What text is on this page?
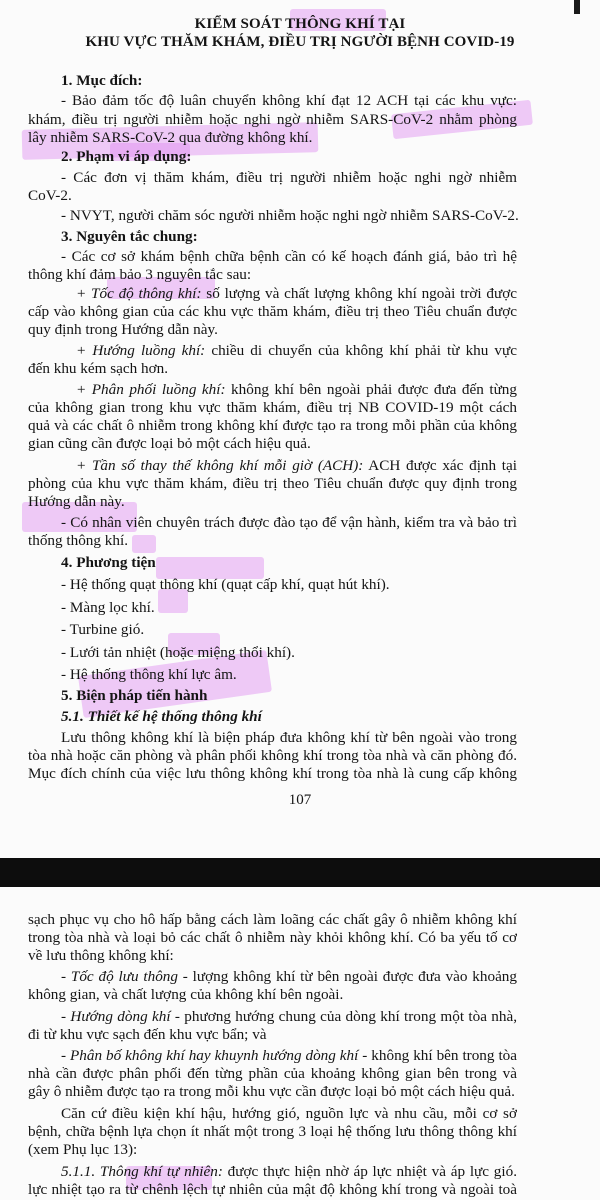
KIỂM SOÁT THÔNG KHÍ TẠI
KHU VỰC THĂM KHÁM, ĐIỀU TRỊ NGƯỜI BỆNH COVID-19
1. Mục đích:
- Bảo đảm tốc độ luân chuyển không khí đạt 12 ACH tại các khu vực:
khám, điều trị người nhiễm hoặc nghi ngờ nhiễm SARS-CoV-2 nhằm phòng
lây nhiễm SARS-CoV-2 qua đường không khí.
2. Phạm vi áp dụng:
- Các đơn vị thăm khám, điều trị người nhiễm hoặc nghi ngờ nhiễm
CoV-2.
- NVYT, người chăm sóc người nhiễm hoặc nghi ngờ nhiễm SARS-CoV-2.
3. Nguyên tắc chung:
- Các cơ sở khám bệnh chữa bệnh cần có kế hoạch đánh giá, bảo trì hệ
thông khí đảm bảo 3 nguyên tắc sau:
+ Tốc độ thông khí: số lượng và chất lượng không khí ngoài trời được
cấp vào không gian của các khu vực thăm khám, điều trị theo Tiêu chuẩn được
quy định trong Hướng dẫn này.
+ Hướng luồng khí: chiều di chuyển của không khí phải từ khu vực
đến khu kém sạch hơn.
+ Phân phối luồng khí: không khí bên ngoài phải được đưa đến từng
của không gian trong khu vực thăm khám, điều trị NB COVID-19 một cách
quả và các chất ô nhiễm trong không khí được tạo ra trong mỗi phần của không
gian cũng cần được loại bỏ một cách hiệu quả.
+ Tần số thay thế không khí mỗi giờ (ACH): ACH được xác định tại
phòng của khu vực thăm khám, điều trị theo Tiêu chuẩn được quy định trong
Hướng dẫn này.
- Có nhân viên chuyên trách được đào tạo để vận hành, kiểm tra và bảo trì
thống thông khí.
4. Phương tiện
- Hệ thống quạt thông khí (quạt cấp khí, quạt hút khí).
- Màng lọc khí.
- Turbine gió.
- Lưới tản nhiệt (hoặc miệng thổi khí).
- Hệ thống thông khí lực âm.
5. Biện pháp tiến hành
5.1. Thiết kế hệ thống thông khí
Lưu thông không khí là biện pháp đưa không khí từ bên ngoài vào trong
tòa nhà hoặc căn phòng và phân phối không khí trong tòa nhà và căn phòng đó.
Mục đích chính của việc lưu thông không khí trong tòa nhà là cung cấp không
107
sạch phục vụ cho hô hấp bằng cách làm loãng các chất gây ô nhiễm không khí
trong tòa nhà và loại bỏ các chất ô nhiễm này khỏi không khí. Có ba yếu tố cơ
về lưu thông không khí:
- Tốc độ lưu thông - lượng không khí từ bên ngoài được đưa vào khoảng
không gian, và chất lượng của không khí bên ngoài.
- Hướng dòng khí - phương hướng chung của dòng khí trong một tòa nhà,
đi từ khu vực sạch đến khu vực bẩn; và
- Phân bố không khí hay khuynh hướng dòng khí - không khí bên trong tòa
nhà cần được phân phối đến từng phần của khoảng không gian bên trong và
gây ô nhiễm được tạo ra trong mỗi khu vực cần được loại bỏ một cách hiệu quả.
Căn cứ điều kiện khí hậu, hướng gió, nguồn lực và nhu cầu, mỗi cơ sở
bệnh, chữa bệnh lựa chọn ít nhất một trong 3 loại hệ thống lưu thông thông khí
(xem Phụ lục 13):
5.1.1. Thông khí tự nhiên: được thực hiện nhờ áp lực nhiệt và áp lực gió.
lực nhiệt tạo ra từ chênh lệch tự nhiên của mật độ không khí trong và ngoài toà
